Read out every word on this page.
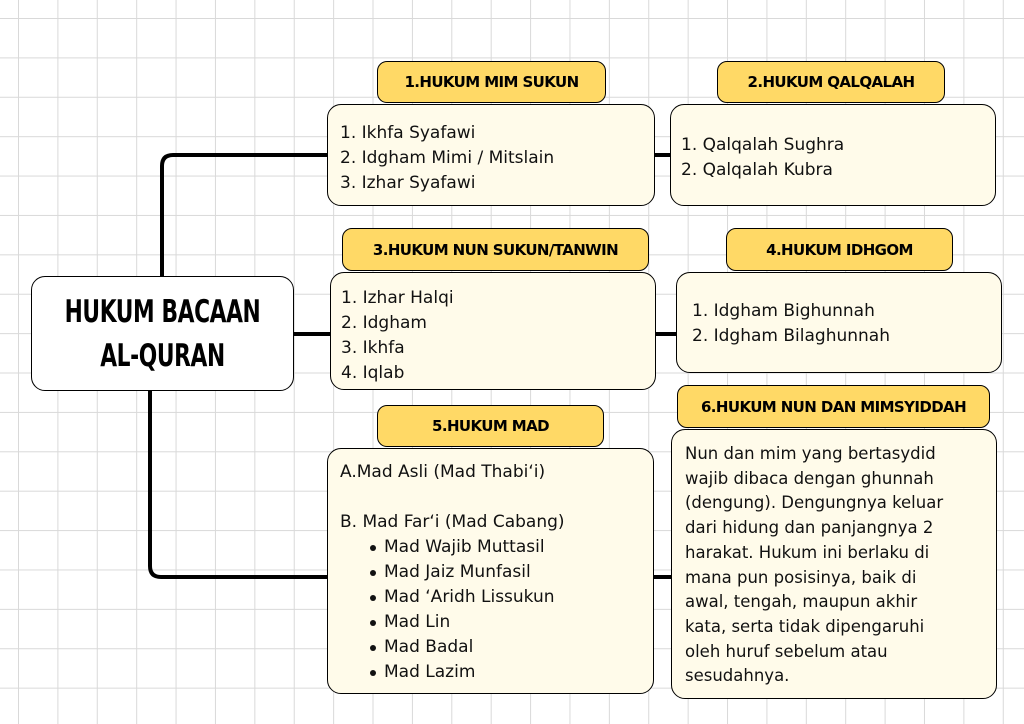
HUKUM BACAAN
AL-QURAN
1. Ikhfa Syafawi
2. Idgham Mimi / Mitslain
3. Izhar Syafawi
1.HUKUM MIM SUKUN
1. Qalqalah Sughra
2. Qalqalah Kubra
2.HUKUM QALQALAH
1. Izhar Halqi
2. Idgham
3. Ikhfa
4. Iqlab
3.HUKUM NUN SUKUN/TANWIN
1. Idgham Bighunnah
2. Idgham Bilaghunnah
4.HUKUM IDHGOM
A.Mad Asli (Mad Thabi‘i)
B. Mad Far‘i (Mad Cabang)
Mad Wajib Muttasil
Mad Jaiz Munfasil
Mad ‘Aridh Lissukun
Mad Lin
Mad Badal
Mad Lazim
5.HUKUM MAD
Nun dan mim yang bertasydid
wajib dibaca dengan ghunnah
(dengung). Dengungnya keluar
dari hidung dan panjangnya 2
harakat. Hukum ini berlaku di
mana pun posisinya, baik di
awal, tengah, maupun akhir
kata, serta tidak dipengaruhi
oleh huruf sebelum atau
sesudahnya.
6.HUKUM NUN DAN MIMSYIDDAH
